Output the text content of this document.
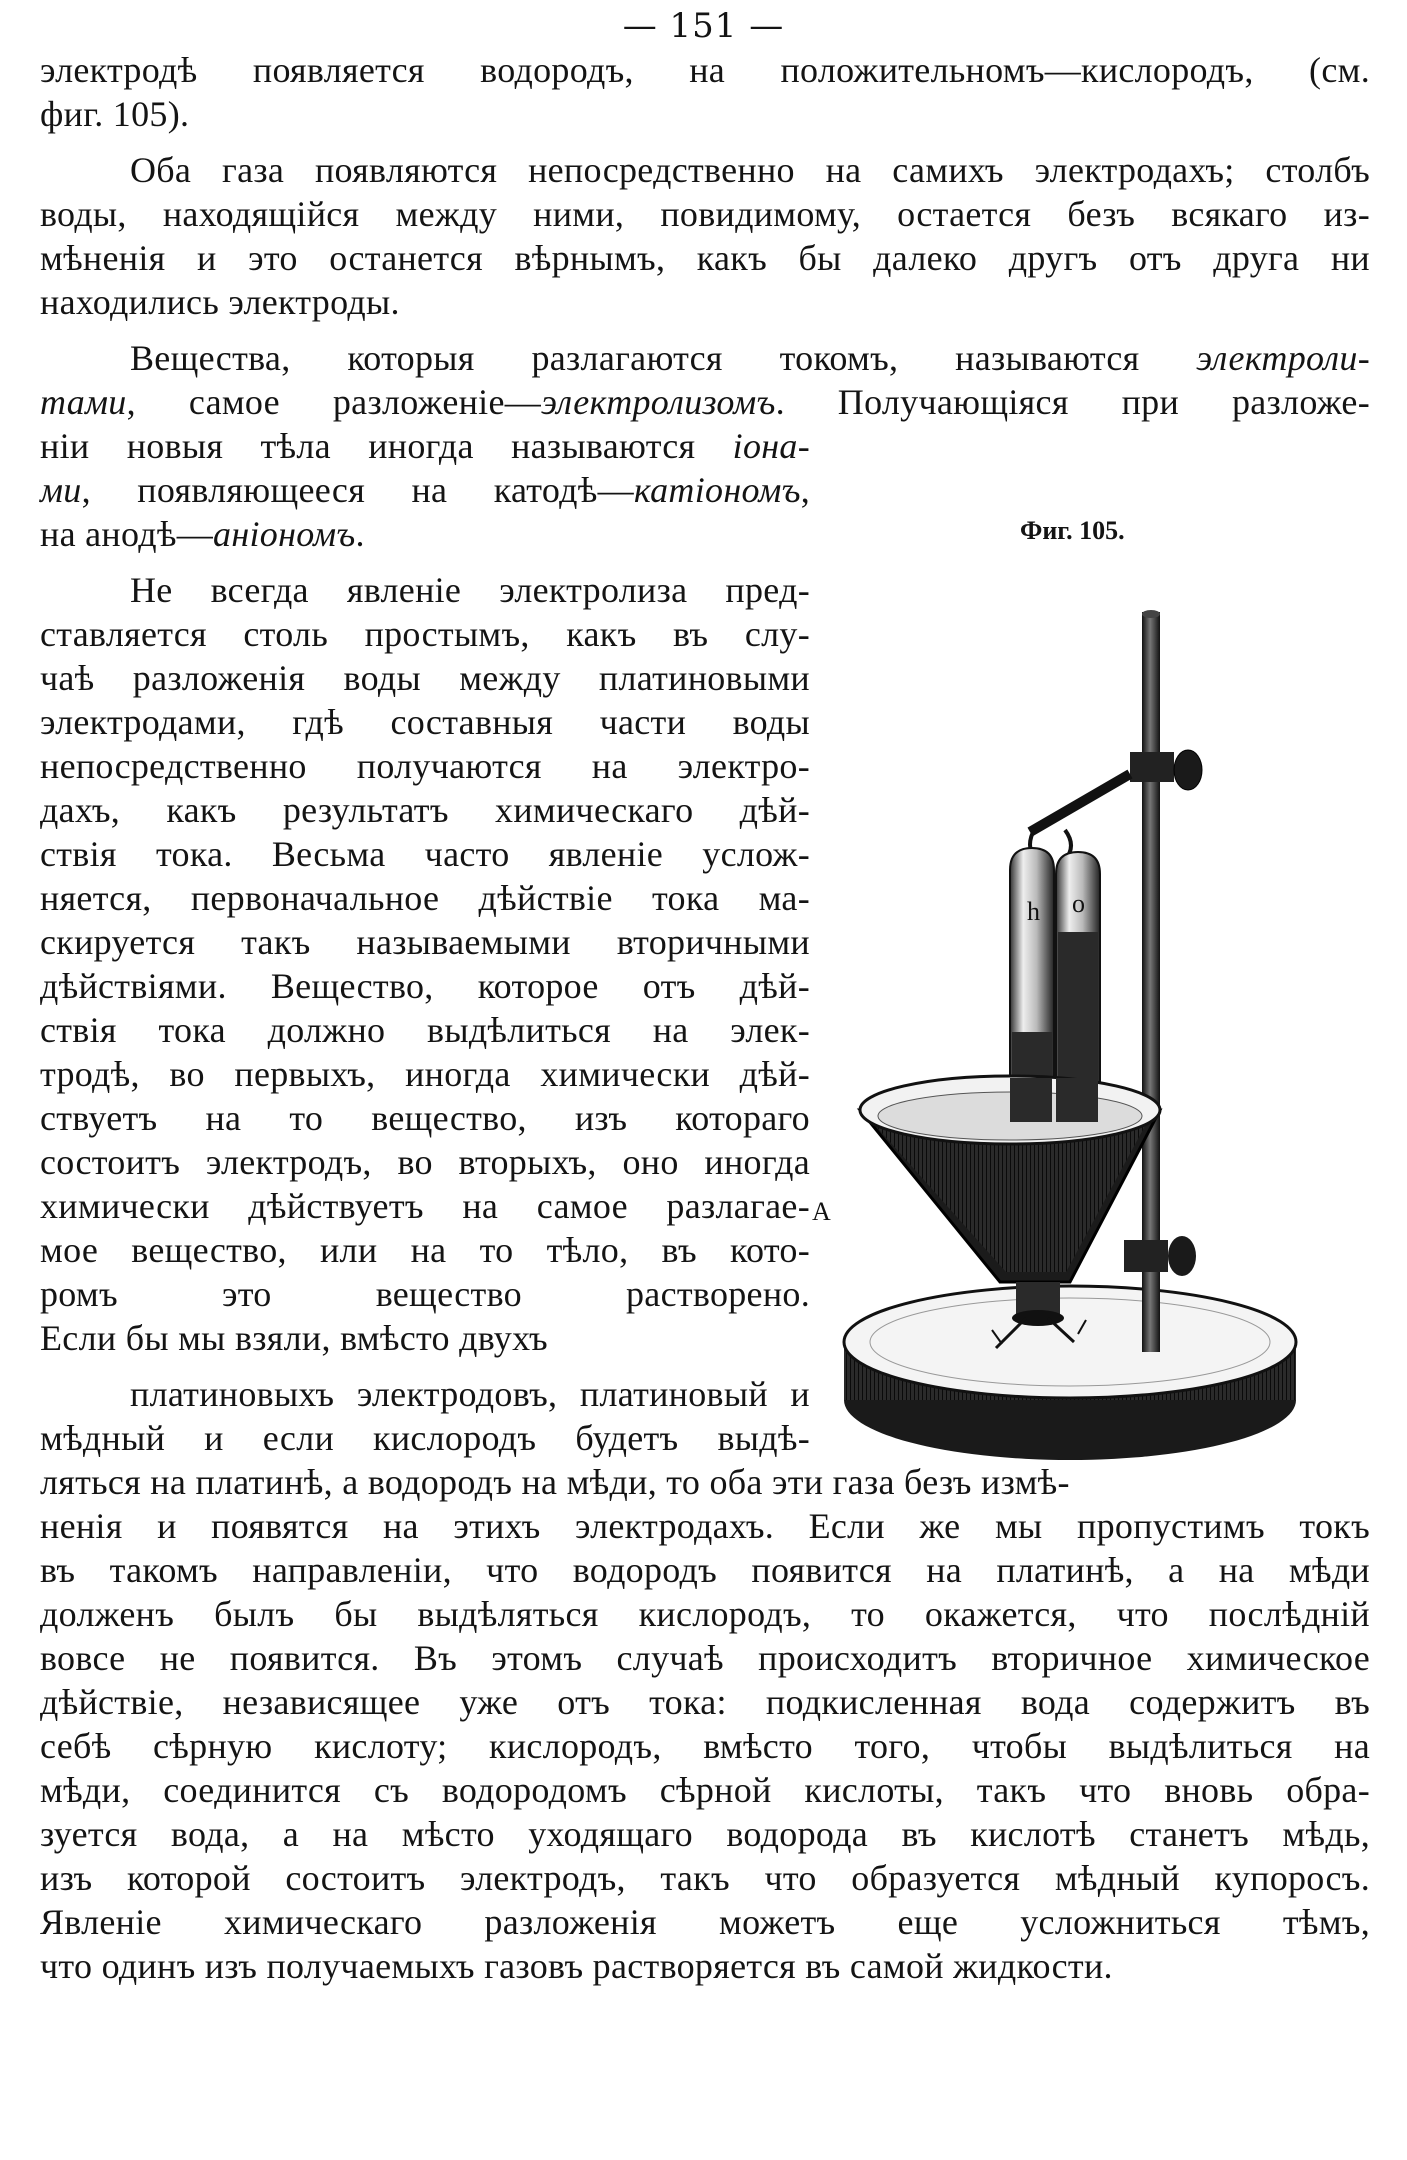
— 151 —
электродѣ появляется водородъ, на положительномъ—кислородъ, (см.
фиг. 105).
Оба газа появляются непосредственно на самихъ электродахъ; столбъ
воды, находящiйся между ними, повидимому, остается безъ всякаго из-
мѣненiя и это останется вѣрнымъ, какъ бы далеко другъ отъ друга ни
находились электроды.
Вещества, которыя разлагаются токомъ, называются электроли-
тами, самое разложенiе—электролизомъ. Получающiяся при разложе-
нiи новыя тѣла иногда называются iона-
ми, появляющееся на катодѣ—катiономъ,
на анодѣ—анiономъ.
Не всегда явленiе электролиза пред-
ставляется столь простымъ, какъ въ слу-
чаѣ разложенiя воды между платиновыми
электродами, гдѣ составныя части воды
непосредственно получаются на электро-
дахъ, какъ результатъ химическаго дѣй-
ствiя тока. Весьма часто явленiе услож-
няется, первоначальное дѣйствiе тока ма-
скируется такъ называемыми вторичными
дѣйствiями. Вещество, которое отъ дѣй-
ствiя тока должно выдѣлиться на элек-
тродѣ, во первыхъ, иногда химически дѣй-
ствуетъ на то вещество, изъ котораго
состоитъ электродъ, во вторыхъ, оно иногда
химически дѣйствуетъ на самое разлагае-
мое вещество, или на то тѣло, въ кото-
ромъ это вещество растворено.
Если бы мы взяли, вмѣсто двухъ
платиновыхъ электродовъ, платиновый и
мѣдный и если кислородъ будетъ выдѣ-
ляться на платинѣ, а водородъ на мѣди, то оба эти газа безъ измѣ-
ненiя и появятся на этихъ электродахъ. Если же мы пропустимъ токъ
въ такомъ направленiи, что водородъ появится на платинѣ, а на мѣди
долженъ былъ бы выдѣляться кислородъ, то окажется, что послѣднiй
вовсе не появится. Въ этомъ случаѣ происходитъ вторичное химическое
дѣйствiе, независящее уже отъ тока: подкисленная вода содержитъ въ
себѣ сѣрную кислоту; кислородъ, вмѣсто того, чтобы выдѣлиться на
мѣди, соединится съ водородомъ сѣрной кислоты, такъ что вновь обра-
зуется вода, а на мѣсто уходящаго водорода въ кислотѣ станетъ мѣдь,
изъ которой состоитъ электродъ, такъ что образуется мѣдный купоросъ.
Явленiе химическаго разложенiя можетъ еще усложниться тѣмъ,
что одинъ изъ получаемыхъ газовъ растворяется въ самой жидкости.
Фиг. 105.
h o
A
